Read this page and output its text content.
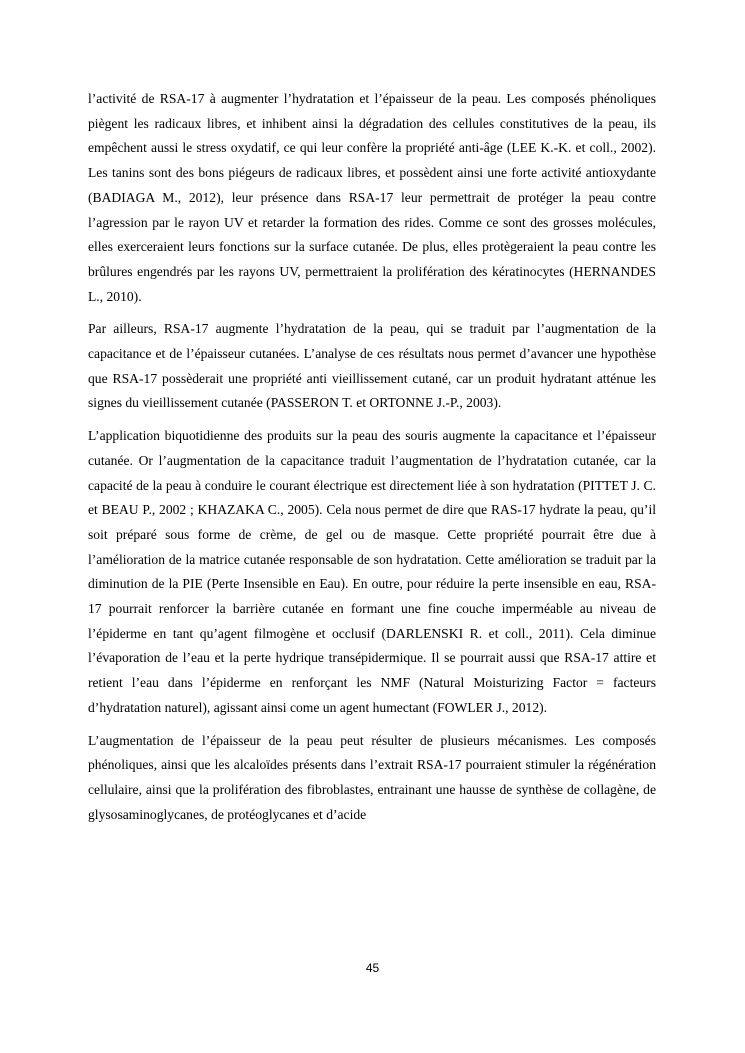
l’activité de RSA-17 à augmenter l’hydratation et l’épaisseur de la peau. Les composés phénoliques piègent les radicaux libres, et inhibent ainsi la dégradation des cellules constitutives de la peau, ils empêchent aussi le stress oxydatif, ce qui leur confère la propriété anti-âge (LEE K.-K. et coll., 2002). Les tanins sont des bons piégeurs de radicaux libres, et possèdent ainsi une forte activité antioxydante (BADIAGA M., 2012), leur présence dans RSA-17 leur permettrait de protéger la peau contre l’agression par le rayon UV et retarder la formation des rides. Comme ce sont des grosses molécules, elles exerceraient leurs fonctions sur la surface cutanée. De plus, elles protègeraient la peau contre les brûlures engendrés par les rayons UV, permettraient la prolifération des kératinocytes (HERNANDES L., 2010).

Par ailleurs, RSA-17 augmente l’hydratation de la peau, qui se traduit par l’augmentation de la capacitance et de l’épaisseur cutanées. L’analyse de ces résultats nous permet d’avancer une hypothèse que RSA-17 possèderait une propriété anti vieillissement cutané, car un produit hydratant atténue les signes du vieillissement cutanée (PASSERON T. et ORTONNE J.-P., 2003).

L’application biquotidienne des produits sur la peau des souris augmente la capacitance et l’épaisseur cutanée. Or l’augmentation de la capacitance traduit l’augmentation de l’hydratation cutanée, car la capacité de la peau à conduire le courant électrique est directement liée à son hydratation (PITTET J. C. et BEAU P., 2002 ; KHAZAKA C., 2005). Cela nous permet de dire que RAS-17 hydrate la peau, qu’il soit préparé sous forme de crème, de gel ou de masque. Cette propriété pourrait être due à l’amélioration de la matrice cutanée responsable de son hydratation. Cette amélioration se traduit par la diminution de la PIE (Perte Insensible en Eau). En outre, pour réduire la perte insensible en eau, RSA-17 pourrait renforcer la barrière cutanée en formant une fine couche imperméable au niveau de l’épiderme en tant qu’agent filmogène et occlusif (DARLENSKI R. et coll., 2011). Cela diminue l’évaporation de l’eau et la perte hydrique transépidermique. Il se pourrait aussi que RSA-17 attire et retient l’eau dans l’épiderme en renforçant les NMF (Natural Moisturizing Factor = facteurs d’hydratation naturel), agissant ainsi come un agent humectant (FOWLER J., 2012).

L’augmentation de l’épaisseur de la peau peut résulter de plusieurs mécanismes. Les composés phénoliques, ainsi que les alcaloïdes présents dans l’extrait RSA-17 pourraient stimuler la régénération cellulaire, ainsi que la prolifération des fibroblastes, entrainant une hausse de synthèse de collagène, de glysosaminoglycanes, de protéoglycanes et d’acide

45
